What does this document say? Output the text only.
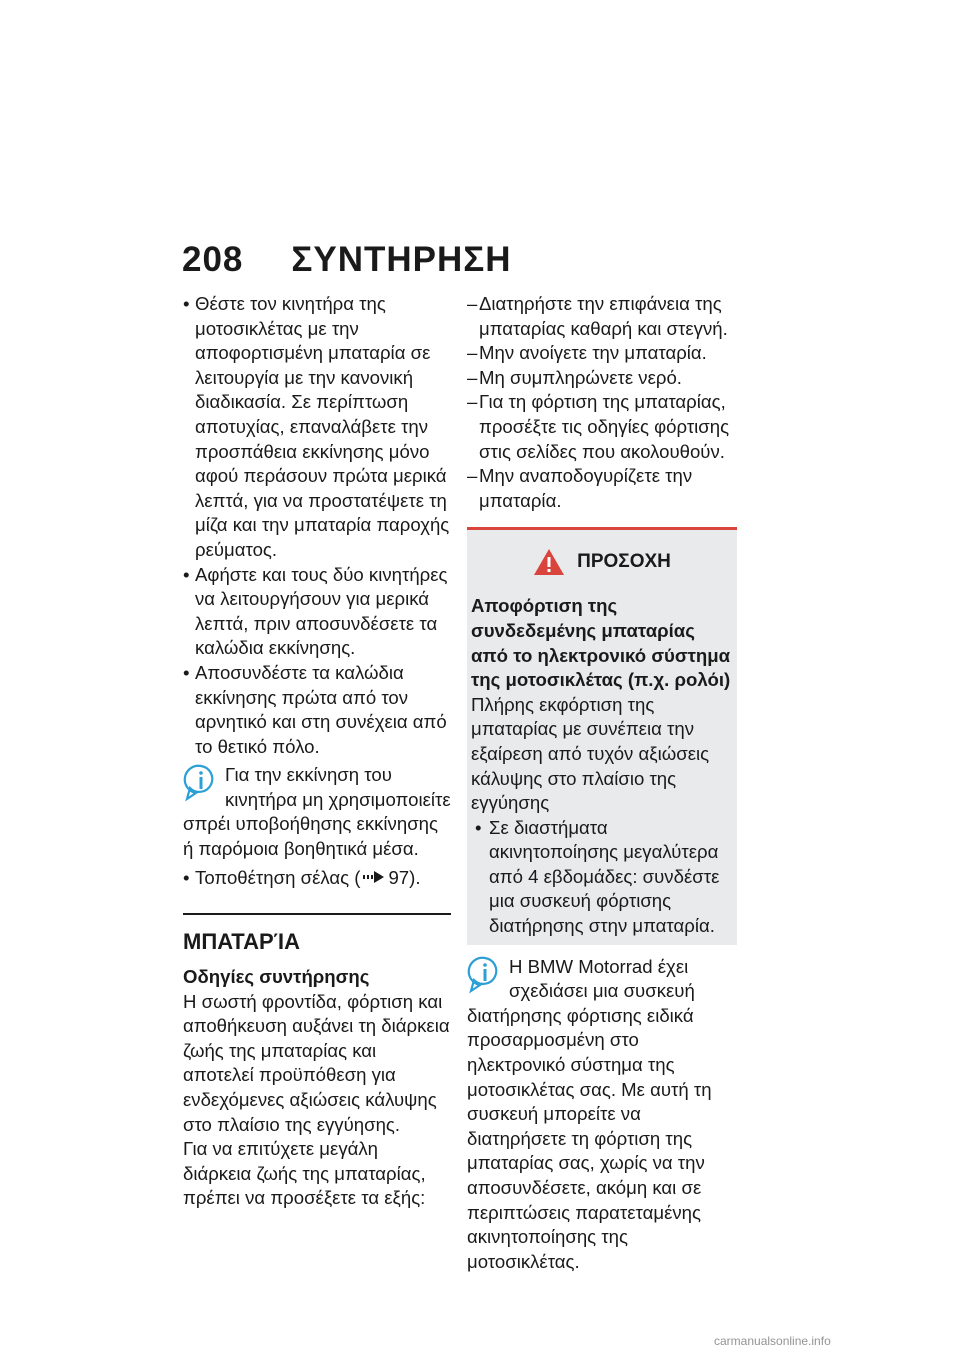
208 ΣΥΝΤΗΡΗΣΗ

• Θέστε τον κινητήρα της μοτοσικλέτας με την αποφορτισμένη μπαταρία σε λειτουργία με την κανονική διαδικασία. Σε περίπτωση αποτυχίας, επαναλάβετε την προσπάθεια εκκίνησης μόνο αφού περάσουν πρώτα μερικά λεπτά, για να προστατέψετε τη μίζα και την μπαταρία παροχής ρεύματος.

• Αφήστε και τους δύο κινητήρες να λειτουργήσουν για μερικά λεπτά, πριν αποσυνδέσετε τα καλώδια εκκίνησης.

• Αποσυνδέστε τα καλώδια εκκίνησης πρώτα από τον αρνητικό και στη συνέχεια από το θετικό πόλο.

Για την εκκίνηση του κινητήρα μη χρησιμοποιείτε σπρέι υποβοήθησης εκκίνησης ή παρόμοια βοηθητικά μέσα.

• Τοποθέτηση σέλας ( 97).

ΜΠΑΤΑΡΊΑ

Οδηγίες συντήρησης

Η σωστή φροντίδα, φόρτιση και αποθήκευση αυξάνει τη διάρκεια ζωής της μπαταρίας και αποτελεί προϋπόθεση για ενδεχόμενες αξιώσεις κάλυψης στο πλαίσιο της εγγύησης.

Για να επιτύχετε μεγάλη διάρκεια ζωής της μπαταρίας, πρέπει να προσέξετε τα εξής:

– Διατηρήστε την επιφάνεια της μπαταρίας καθαρή και στεγνή.

– Μην ανοίγετε την μπαταρία.

– Μη συμπληρώνετε νερό.

– Για τη φόρτιση της μπαταρίας, προσέξτε τις οδηγίες φόρτισης στις σελίδες που ακολουθούν.

– Μην αναποδογυρίζετε την μπαταρία.

ΠΡΟΣΟΧΗ

Αποφόρτιση της συνδεδεμένης μπαταρίας από το ηλεκτρονικό σύστημα της μοτοσικλέτας (π.χ. ρολόι)

Πλήρης εκφόρτιση της μπαταρίας με συνέπεια την εξαίρεση από τυχόν αξιώσεις κάλυψης στο πλαίσιο της εγγύησης

• Σε διαστήματα ακινητοποίησης μεγαλύτερα από 4 εβδομάδες: συνδέστε μια συσκευή φόρτισης διατήρησης στην μπαταρία.

Η BMW Motorrad έχει σχεδιάσει μια συσκευή διατήρησης φόρτισης ειδικά προσαρμοσμένη στο ηλεκτρονικό σύστημα της μοτοσικλέτας σας. Με αυτή τη συσκευή μπορείτε να διατηρήσετε τη φόρτιση της μπαταρίας σας, χωρίς να την αποσυνδέσετε, ακόμη και σε περιπτώσεις παρατεταμένης ακινητοποίησης της μοτοσικλέτας.

carmanualsonline.info
